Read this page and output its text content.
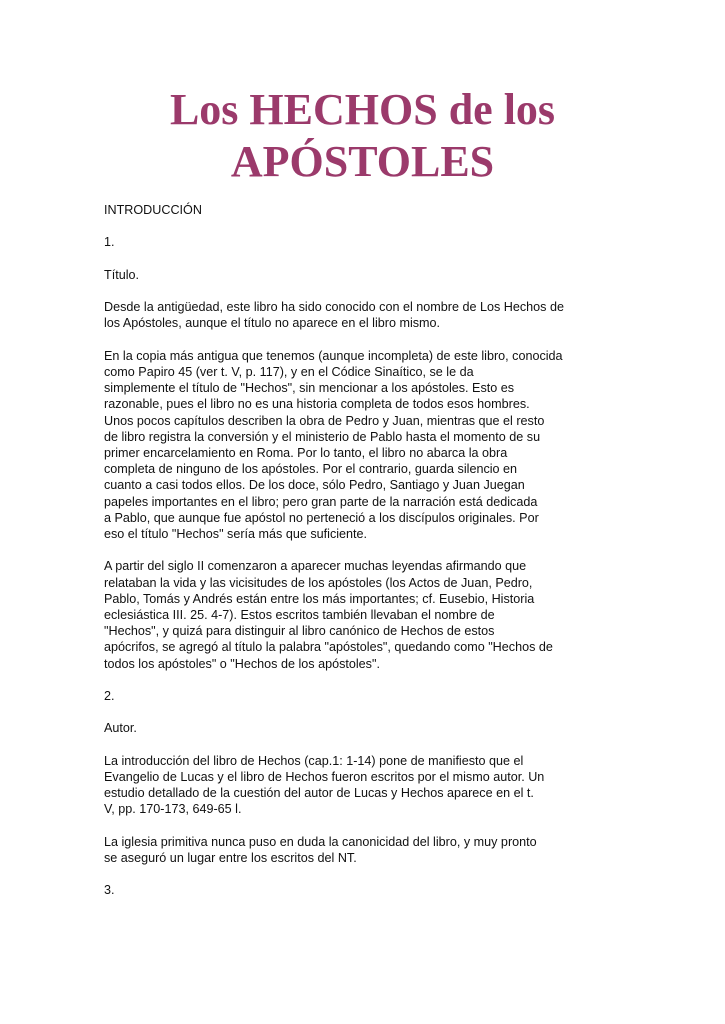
Los HECHOS de los
APÓSTOLES

INTRODUCCIÓN

1.

Título.

Desde la antigüedad, este libro ha sido conocido con el nombre de Los Hechos de
los Apóstoles, aunque el título no aparece en el libro mismo.

En la copia más antigua que tenemos (aunque incompleta) de este libro, conocida
como Papiro 45 (ver t. V, p. 117), y en el Códice Sinaítico, se le da
simplemente el título de "Hechos", sin mencionar a los apóstoles. Esto es
razonable, pues el libro no es una historia completa de todos esos hombres.
Unos pocos capítulos describen la obra de Pedro y Juan, mientras que el resto
de libro registra la conversión y el ministerio de Pablo hasta el momento de su
primer encarcelamiento en Roma. Por lo tanto, el libro no abarca la obra
completa de ninguno de los apóstoles. Por el contrario, guarda silencio en
cuanto a casi todos ellos. De los doce, sólo Pedro, Santiago y Juan Juegan
papeles importantes en el libro; pero gran parte de la narración está dedicada
a Pablo, que aunque fue apóstol no perteneció a los discípulos originales. Por
eso el título "Hechos" sería más que suficiente.

A partir del siglo II comenzaron a aparecer muchas leyendas afirmando que
relataban la vida y las vicisitudes de los apóstoles (los Actos de Juan, Pedro,
Pablo, Tomás y Andrés están entre los más importantes; cf. Eusebio, Historia
eclesiástica III. 25. 4-7). Estos escritos también llevaban el nombre de
"Hechos", y quizá para distinguir al libro canónico de Hechos de estos
apócrifos, se agregó al título la palabra "apóstoles", quedando como "Hechos de
todos los apóstoles" o "Hechos de los apóstoles".

2.

Autor.

La introducción del libro de Hechos (cap.1: 1-14) pone de manifiesto que el
Evangelio de Lucas y el libro de Hechos fueron escritos por el mismo autor. Un
estudio detallado de la cuestión del autor de Lucas y Hechos aparece en el t.
V, pp. 170-173, 649-65 l.

La iglesia primitiva nunca puso en duda la canonicidad del libro, y muy pronto
se aseguró un lugar entre los escritos del NT.

3.
